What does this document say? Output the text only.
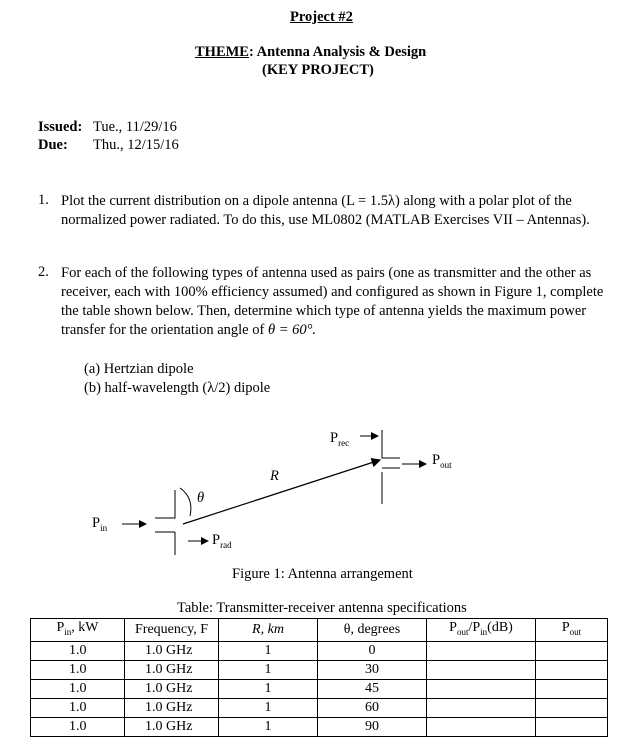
Project #2
THEME: Antenna Analysis & Design
(KEY PROJECT)
Issued: Tue., 11/29/16
Due: Thu., 12/15/16
1. Plot the current distribution on a dipole antenna (L = 1.5λ) along with a polar plot of the normalized power radiated. To do this, use ML0802 (MATLAB Exercises VII – Antennas).
2. For each of the following types of antenna used as pairs (one as transmitter and the other as receiver, each with 100% efficiency assumed) and configured as shown in Figure 1, complete the table shown below. Then, determine which type of antenna yields the maximum power transfer for the orientation angle of θ = 60°.
(a) Hertzian dipole
(b) half-wavelength (λ/2) dipole
$P_{in}$
$P_{rad}$
$P_{rec}$
$P_{out}$
R
θ
Figure 1: Antenna arrangement
Table: Transmitter-receiver antenna specifications
$P_{in}$, kW	Frequency, F	R, km	θ, degrees	$P_{out}/P_{in}(dB)$	$P_{out}$
1.0	1.0 GHz	1	0		
1.0	1.0 GHz	1	30		
1.0	1.0 GHz	1	45		
1.0	1.0 GHz	1	60		
1.0	1.0 GHz	1	90		
